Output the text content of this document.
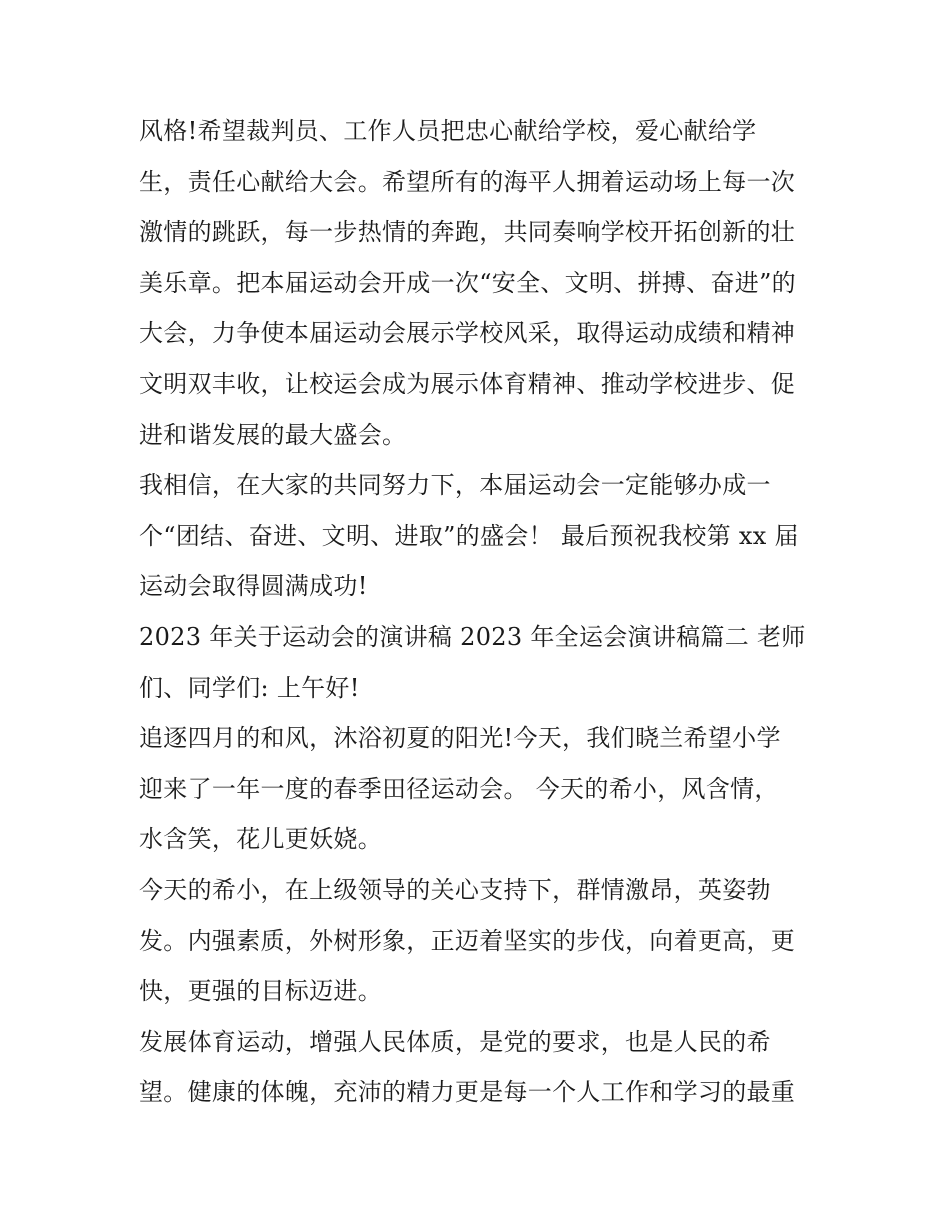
风格!希望裁判员、工作人员把忠心献给学校，爱心献给学
生，责任心献给大会。希望所有的海平人拥着运动场上每一次
激情的跳跃，每一步热情的奔跑，共同奏响学校开拓创新的壮
美乐章。把本届运动会开成一次“安全、文明、拼搏、奋进”的
大会，力争使本届运动会展示学校风采，取得运动成绩和精神
文明双丰收，让校运会成为展示体育精神、推动学校进步、促
进和谐发展的最大盛会。
我相信，在大家的共同努力下，本届运动会一定能够办成一
个“团结、奋进、文明、进取”的盛会！ 最后预祝我校第 xx 届
运动会取得圆满成功!
2023 年关于运动会的演讲稿 2023 年全运会演讲稿篇二 老师
们、同学们: 上午好!
追逐四月的和风，沐浴初夏的阳光!今天，我们晓兰希望小学
迎来了一年一度的春季田径运动会。 今天的希小，风含情，
水含笑，花儿更妖娆。
今天的希小，在上级领导的关心支持下，群情激昂，英姿勃
发。内强素质，外树形象，正迈着坚实的步伐，向着更高，更
快，更强的目标迈进。
发展体育运动，增强人民体质，是党的要求，也是人民的希
望。健康的体魄，充沛的精力更是每一个人工作和学习的最重
